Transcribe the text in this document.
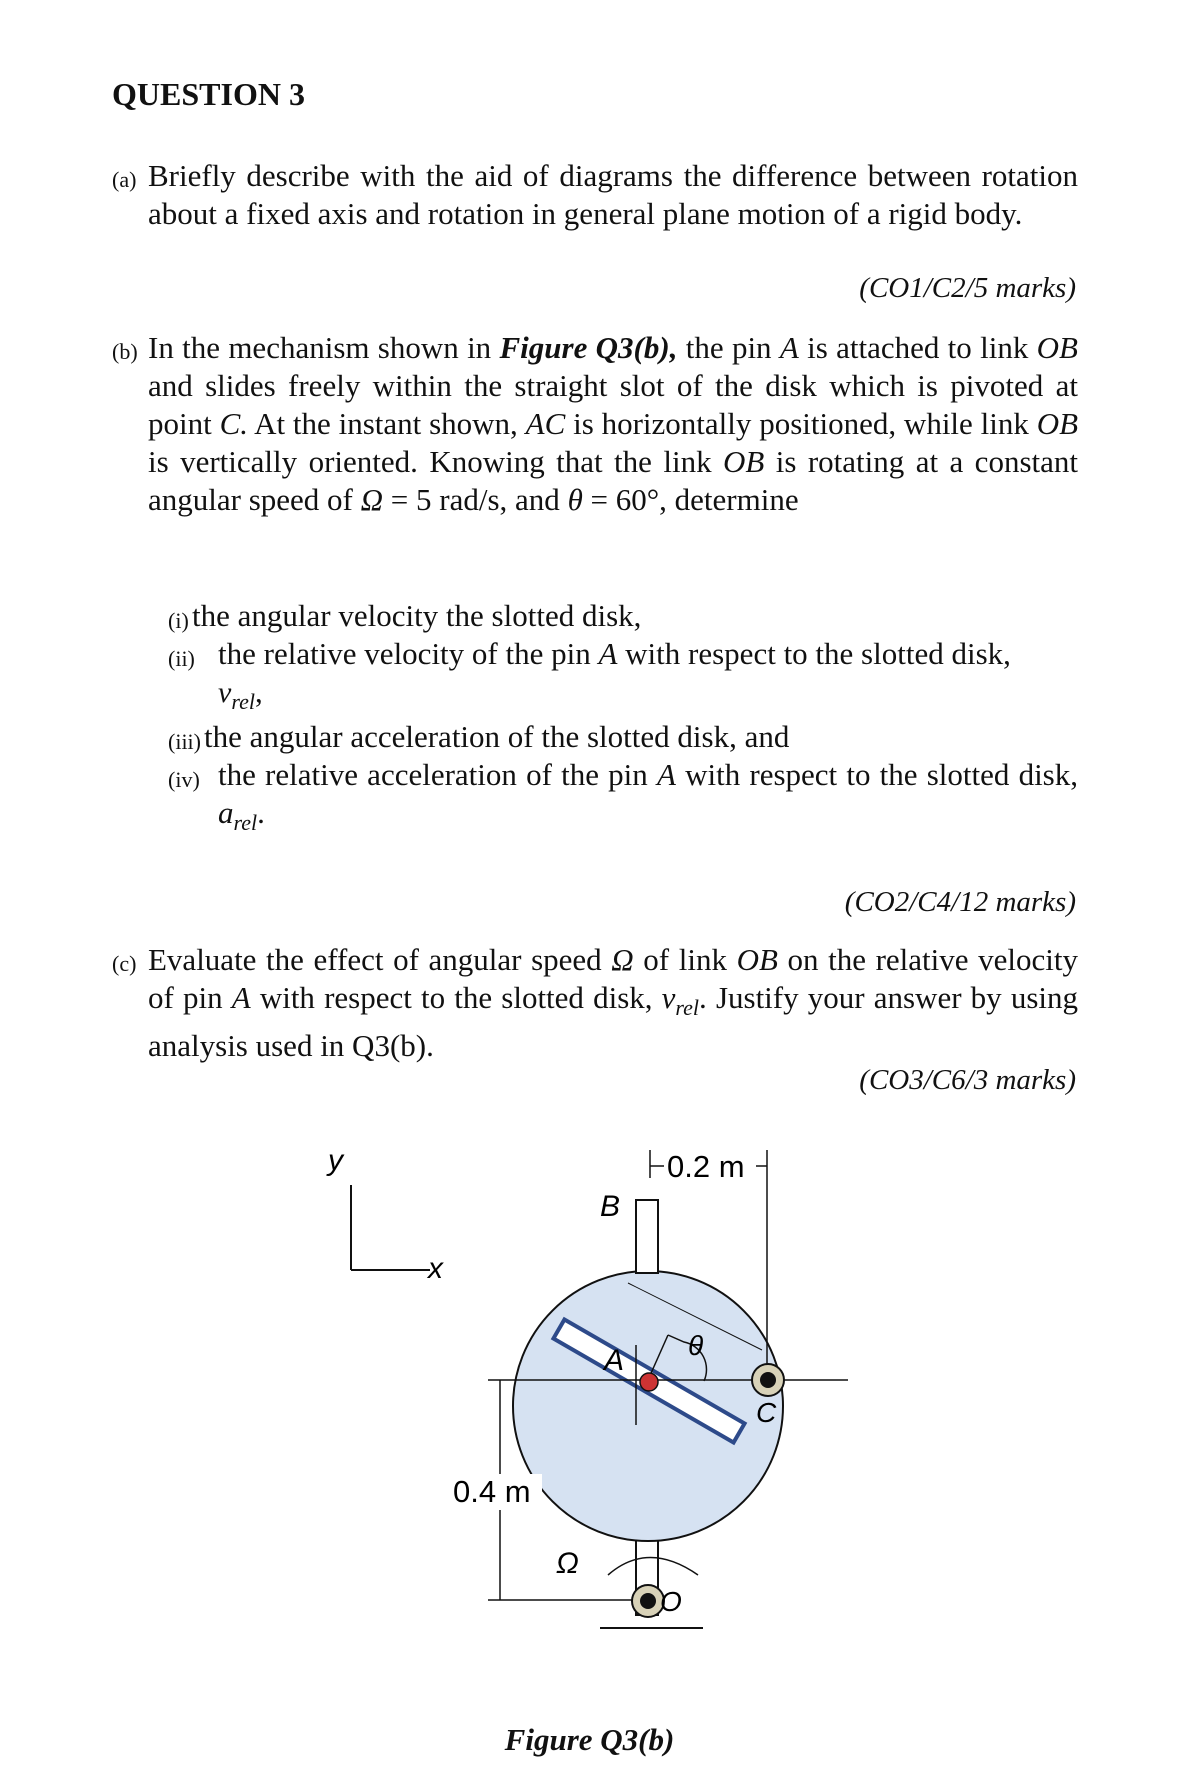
QUESTION 3
(a) Briefly describe with the aid of diagrams the difference between rotation about a fixed axis and rotation in general plane motion of a rigid body.
(CO1/C2/5 marks)
(b) In the mechanism shown in Figure Q3(b), the pin A is attached to link OB and slides freely within the straight slot of the disk which is pivoted at point C. At the instant shown, AC is horizontally positioned, while link OB is vertically oriented. Knowing that the link OB is rotating at a constant angular speed of Ω = 5 rad/s, and θ = 60°, determine
(i) the angular velocity the slotted disk,
(ii) the relative velocity of the pin A with respect to the slotted disk,
$v_{rel}$,
(iii) the angular acceleration of the slotted disk, and
(iv) the relative acceleration of the pin A with respect to the slotted disk, $a_{rel}$.
(CO2/C4/12 marks)
(c) Evaluate the effect of angular speed Ω of link OB on the relative velocity of pin A with respect to the slotted disk, $v_{rel}$. Justify your answer by using analysis used in Q3(b).
(CO3/C6/3 marks)
y
x
B
0.2 m
θ
A
C
0.4 m
Ω
O
Figure Q3(b)
